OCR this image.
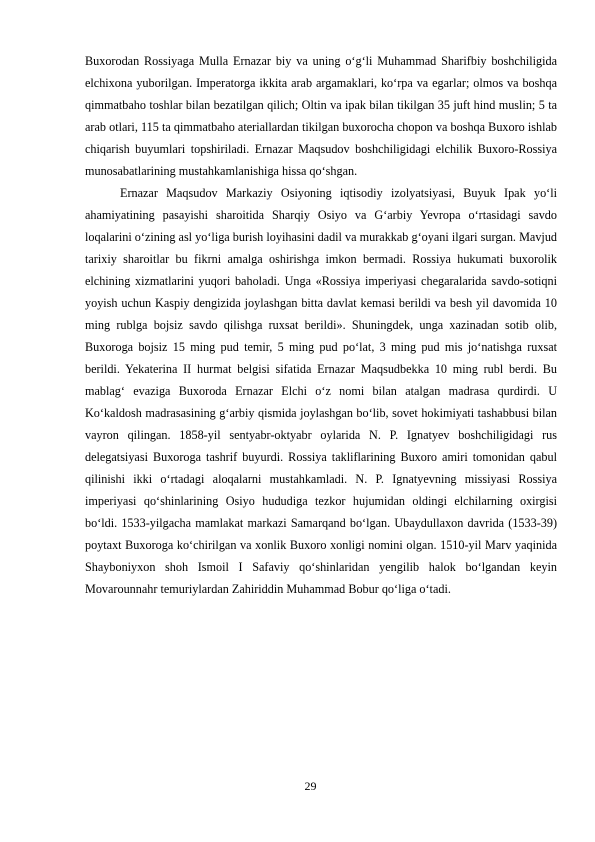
Buxorodan Rossiyaga Mulla Ernazar biy va uning o‘g‘li Muhammad Sharifbiy boshchiligida elchixona yuborilgan. Imperatorga ikkita arab argamaklari, ko‘rpa va egarlar; olmos va boshqa qimmatbaho toshlar bilan bezatilgan qilich; Oltin va ipak bilan tikilgan 35 juft hind muslin; 5 ta arab otlari, 115 ta qimmatbaho ateriallardan tikilgan buxorocha chopon va boshqa Buxoro ishlab chiqarish buyumlari topshiriladi. Ernazar Maqsudov boshchiligidagi elchilik Buxoro-Rossiya munosabatlarining mustahkamlanishiga hissa qo‘shgan.

Ernazar Maqsudov Markaziy Osiyoning iqtisodiy izolyatsiyasi, Buyuk Ipak yo‘li ahamiyatining pasayishi sharoitida Sharqiy Osiyo va G‘arbiy Yevropa o‘rtasidagi savdo loqalarini o‘zining asl yo‘liga burish loyihasini dadil va murakkab g‘oyani ilgari surgan. Mavjud tarixiy sharoitlar bu fikrni amalga oshirishga imkon bermadi. Rossiya hukumati buxorolik elchining xizmatlarini yuqori baholadi. Unga «Rossiya imperiyasi chegaralarida savdo-sotiqni yoyish uchun Kaspiy dengizida joylashgan bitta davlat kemasi berildi va besh yil davomida 10 ming rublga bojsiz savdo qilishga ruxsat berildi». Shuningdek, unga xazinadan sotib olib, Buxoroga bojsiz 15 ming pud temir, 5 ming pud po‘lat, 3 ming pud mis jo‘natishga ruxsat berildi. Yekaterina II hurmat belgisi sifatida Ernazar Maqsudbekka 10 ming rubl berdi. Bu mablag‘ evaziga Buxoroda Ernazar Elchi o‘z nomi bilan atalgan madrasa qurdirdi. U Ko‘kaldosh madrasasining g‘arbiy qismida joylashgan bo‘lib, sovet hokimiyati tashabbusi bilan vayron qilingan. 1858-yil sentyabr-oktyabr oylarida N. P. Ignatyev boshchiligidagi rus delegatsiyasi Buxoroga tashrif buyurdi. Rossiya takliflarining Buxoro amiri tomonidan qabul qilinishi ikki o‘rtadagi aloqalarni mustahkamladi. N. P. Ignatyevning missiyasi Rossiya imperiyasi qo‘shinlarining Osiyo hududiga tezkor hujumidan oldingi elchilarning oxirgisi bo‘ldi. 1533-yilgacha mamlakat markazi Samarqand bo‘lgan. Ubaydullaxon davrida (1533-39) poytaxt Buxoroga ko‘chirilgan va xonlik Buxoro xonligi nomini olgan. 1510-yil Marv yaqinida Shayboniyxon shoh Ismoil I Safaviy qo‘shinlaridan yengilib halok bo‘lgandan keyin Movarounnahr temuriylardan Zahiriddin Muhammad Bobur qo‘liga o‘tadi.

29
